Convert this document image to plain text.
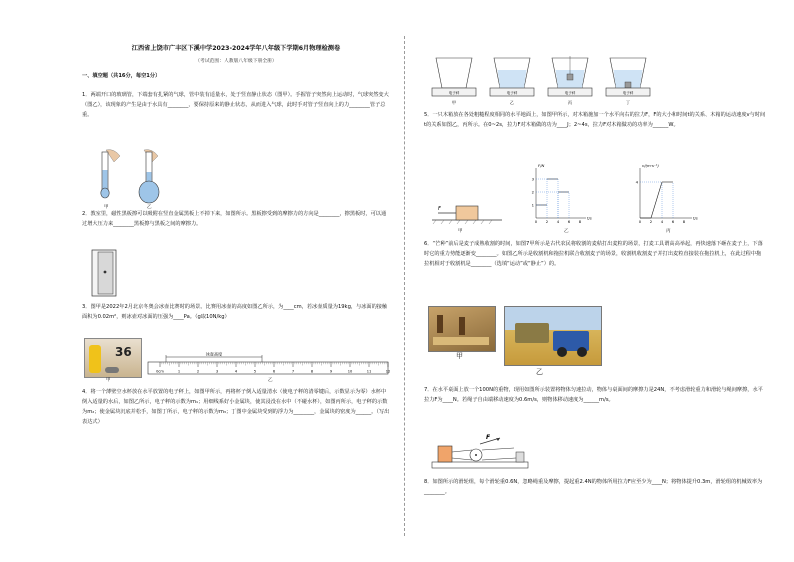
江西省上饶市广丰区下溪中学2023-2024学年八年级下学期6月物理检测卷
（考试范围：人教版八年级下册全册）
一、填空题（共16分，每空1分）
1．两端开口的玻璃管，下端套有扎紧的气球，管中装有适量水，处于竖直静止状态（图甲）。手握管子突然向上运动时，气球突然变大（图乙），该现象的产生是由于水具有________，要保持原来的静止状态，从而进入气球，此时手对管子竖直向上的力________管子总重。
甲	乙
2．教室里，磁性黑板擦可以吸附在竖直金属黑板上不掉下来，如图所示。黑板擦受到的摩擦力的方向是________，擦黑板时，可以通过增大压力来________黑板擦与黑板之间的摩擦力。
3．图甲是2022年2月北京冬奥会冰壶比赛时的场景。比赛用冰壶的高度如图乙所示，为____cm，若冰壶质量为19kg，与冰面的接触面积为0.02m²，则冰壶对冰面的压强为____Pa。（g取10N/kg）
36
0cm	1	2	3	4	5	6	7	8	9	10	11	12
冰壶高度
甲	乙
4．将一个薄壁空水杯放在水平放置的电子秤上，如图甲所示，再将杯子倒入适量清水（使电子秤的清零键后，示数显示为零）水杯中倒入适量的水后，如图乙所示，电子秤的示数为m₁；用细线系好小金属块，使其浸没在水中（不碰水杯），如图丙所示，电子秤的示数为m₂；使金属块沉底并松手，如图丁所示，电子秤的示数为m₃；丁图中金属块受到的浮力为________，金属块的密度为______。（写出表达式）
电子秤
甲
电子秤
乙
电子秤
丙
电子秤
丁
5．一只木箱放在各处粗糙程度相同的水平地面上，如图甲所示，对木箱施加一个水平向右的拉力F，F的大小和时间t的关系、木箱的运动速度v与时间t的关系如图乙，丙所示。在0~2s，拉力F对木箱做的功为____J；2~4s，拉力F对木箱做功的功率为______W。
F
甲
t/s
F/N
0 2 4 6 8
3
2
1
乙
t/s
v/(m·s⁻¹)
0 2 4 6 8
4
丙
6．“芒种”前后是麦子成熟收割的时间，如图7甲所示是古代农民将收割的麦秸打出麦粒的场景，打麦工具谓高高举起，再快速落下砸在麦子上，下落时它的重力势能逐渐变________。如图乙所示是收割机和拖拉机联合收割麦子的场景，收割机收割麦子并打出麦粒直接装在拖拉机上，在此过程中拖拉机相对于收割机是________（选填“运动”或“静止”）的。
甲
乙
7．在水平桌面上放一个100N的重物，现用如图所示装置将物体匀速拉动，物体与桌面间的摩擦力是24N，不考虑滑轮重力和滑轮与绳间摩擦，水平拉力F为____N。若绳子自由端移动速度为0.6m/s，则物体移动速度为______m/s。
F
8．如图所示的滑轮组，每个滑轮重0.6N，忽略绳重及摩擦，提起重2.4N的物体所用拉力F应至少为____N；将物体提升0.3m，滑轮组的机械效率为________。
